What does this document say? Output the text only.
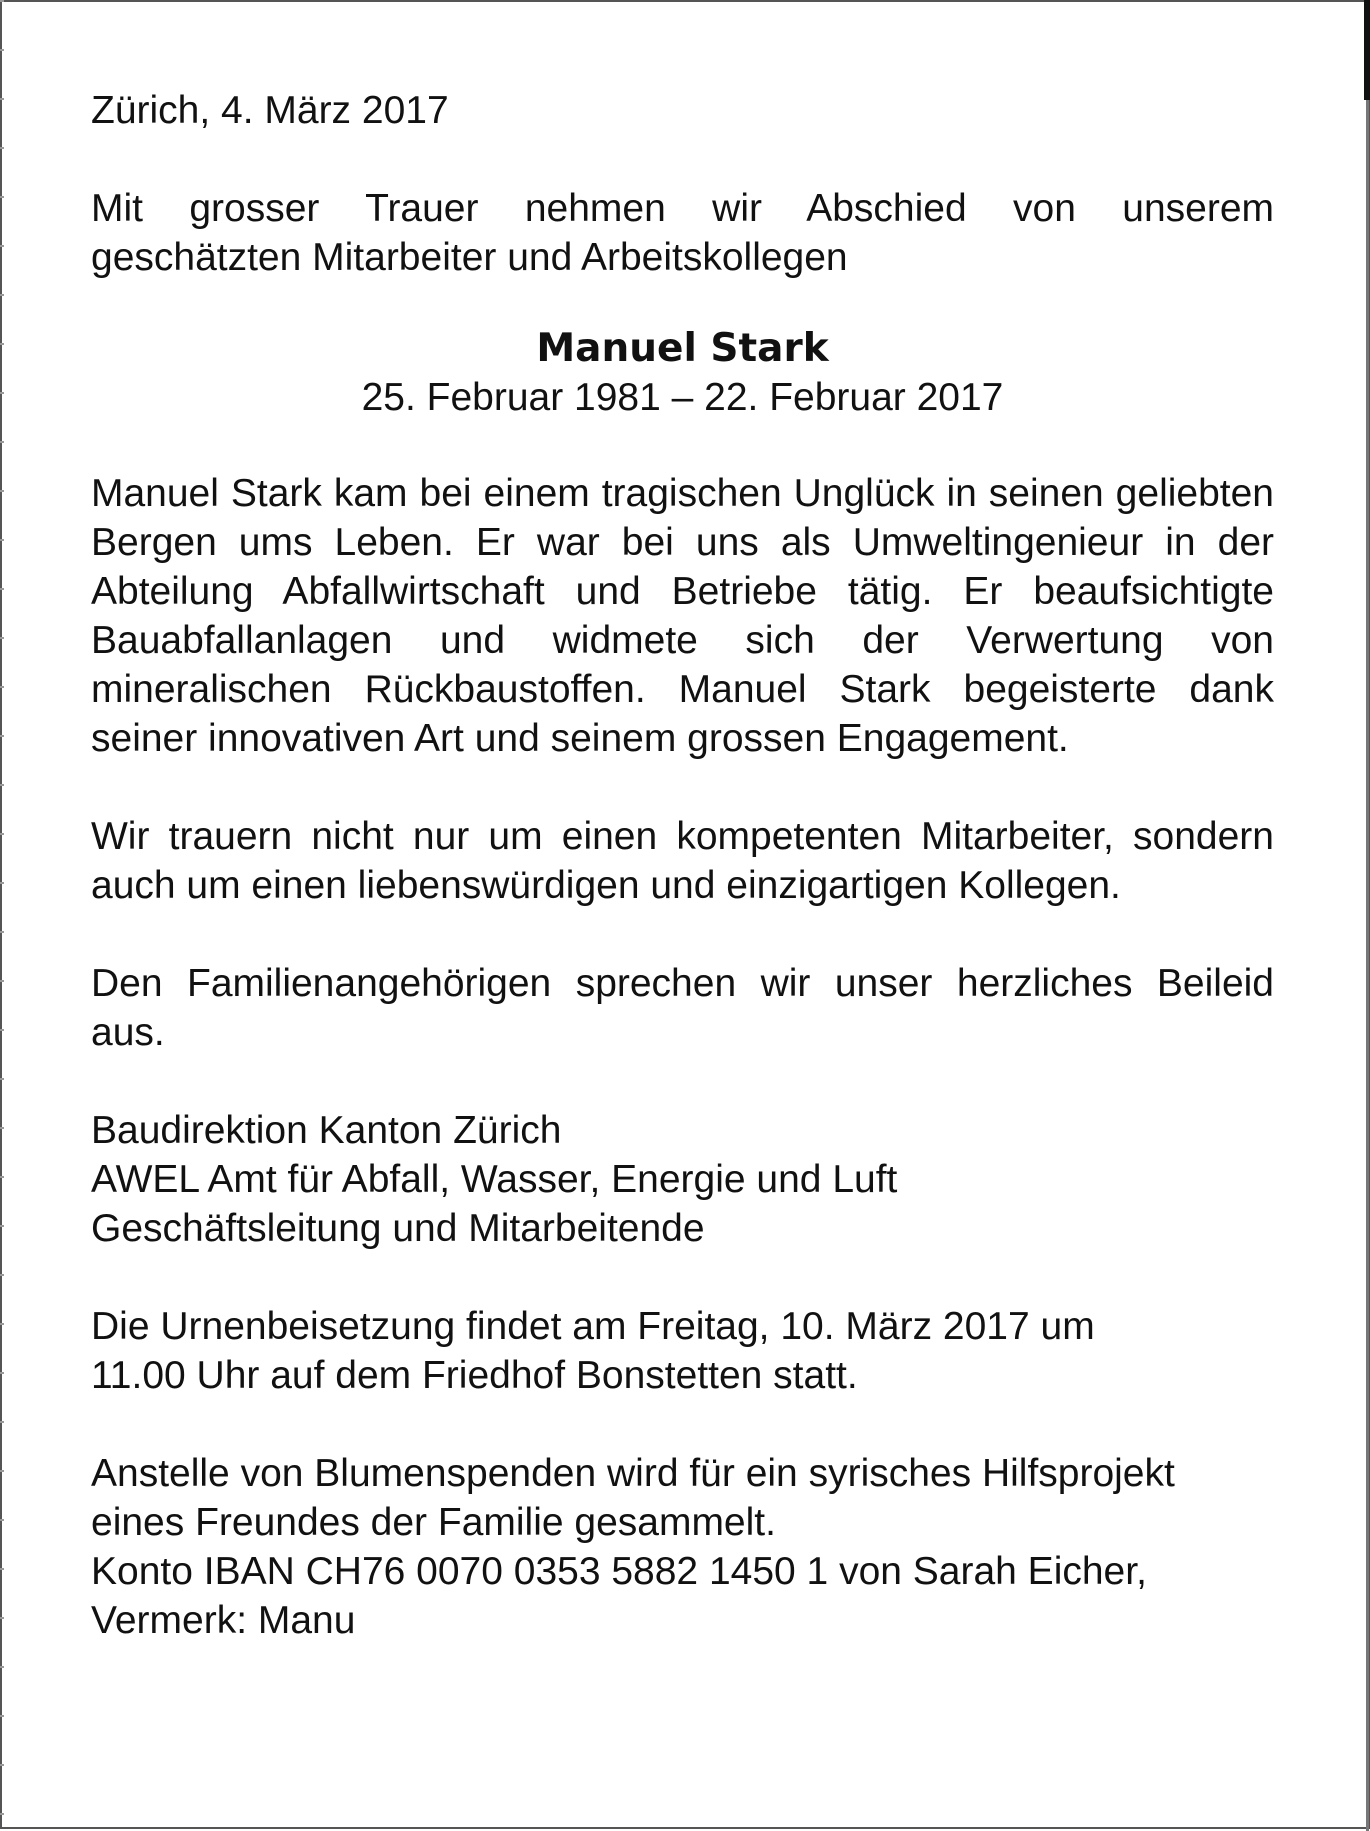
Zürich, 4. März 2017

Mit grosser Trauer nehmen wir Abschied von unserem
geschätzten Mitarbeiter und Arbeitskollegen
Manuel Stark
25. Februar 1981 – 22. Februar 2017

Manuel Stark kam bei einem tragischen Unglück in seinen geliebten Bergen ums Leben. Er war bei uns als Umweltingenieur in der Abteilung Abfallwirtschaft und Betriebe tätig. Er beaufsichtigte Bauabfallanlagen und widmete sich der Verwertung von mineralischen Rückbaustoffen. Manuel Stark begeisterte dank seiner innovativen Art und seinem grossen Engagement.

Wir trauern nicht nur um einen kompetenten Mitarbeiter, sondern auch um einen liebenswürdigen und einzigartigen Kollegen.

Den Familienangehörigen sprechen wir unser herzliches Beileid aus.

Baudirektion Kanton Zürich
AWEL Amt für Abfall, Wasser, Energie und Luft
Geschäftsleitung und Mitarbeitende
Die Urnenbeisetzung findet am Freitag, 10. März 2017 um
11.00 Uhr auf dem Friedhof Bonstetten statt.
Anstelle von Blumenspenden wird für ein syrisches Hilfsprojekt
eines Freundes der Familie gesammelt.
Konto IBAN CH76 0070 0353 5882 1450 1 von Sarah Eicher,
Vermerk: Manu
